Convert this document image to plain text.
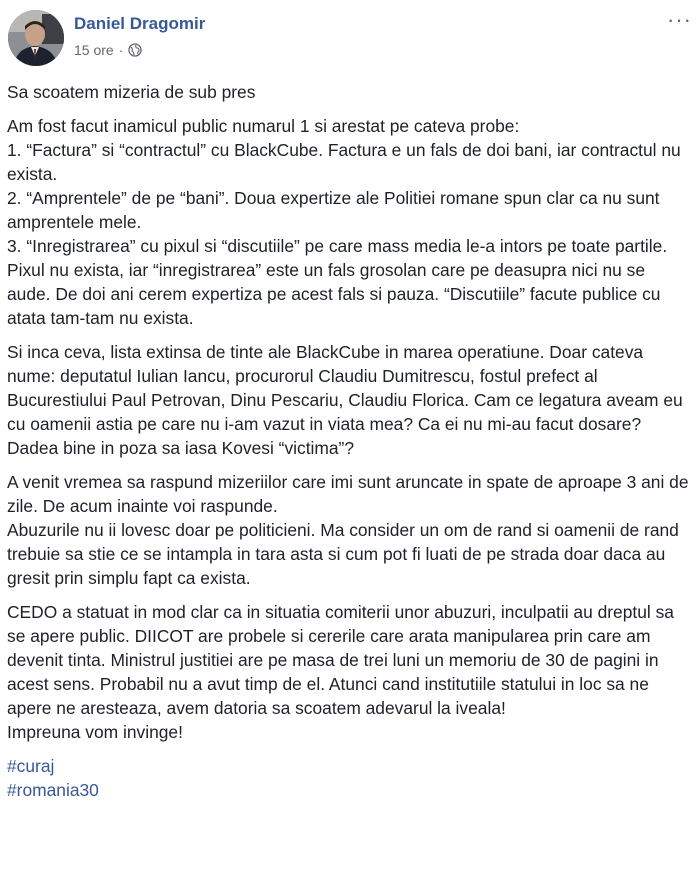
Daniel Dragomir
15 ore ·
···

Sa scoatem mizeria de sub pres

Am fost facut inamicul public numarul 1 si arestat pe cateva probe:
1. “Factura” si “contractul” cu BlackCube. Factura e un fals de doi bani, iar contractul nu exista.
2. “Amprentele” de pe “bani”. Doua expertize ale Politiei romane spun clar ca nu sunt amprentele mele.
3. “Inregistrarea” cu pixul si “discutiile” pe care mass media le-a intors pe toate partile. Pixul nu exista, iar “inregistrarea” este un fals grosolan care pe deasupra nici nu se aude. De doi ani cerem expertiza pe acest fals si pauza. “Discutiile” facute publice cu atata tam-tam nu exista.

Si inca ceva, lista extinsa de tinte ale BlackCube in marea operatiune. Doar cateva nume: deputatul Iulian Iancu, procurorul Claudiu Dumitrescu, fostul prefect al Bucurestiului Paul Petrovan, Dinu Pescariu, Claudiu Florica. Cam ce legatura aveam eu cu oamenii astia pe care nu i-am vazut in viata mea? Ca ei nu mi-au facut dosare? Dadea bine in poza sa iasa Kovesi “victima”?

A venit vremea sa raspund mizeriilor care imi sunt aruncate in spate de aproape 3 ani de zile. De acum inainte voi raspunde.
Abuzurile nu ii lovesc doar pe politicieni. Ma consider un om de rand si oamenii de rand trebuie sa stie ce se intampla in tara asta si cum pot fi luati de pe strada doar daca au gresit prin simplu fapt ca exista.

CEDO a statuat in mod clar ca in situatia comiterii unor abuzuri, inculpatii au dreptul sa se apere public. DIICOT are probele si cererile care arata manipularea prin care am devenit tinta. Ministrul justitiei are pe masa de trei luni un memoriu de 30 de pagini in acest sens. Probabil nu a avut timp de el. Atunci cand institutiile statului in loc sa ne apere ne aresteaza, avem datoria sa scoatem adevarul la iveala!
Impreuna vom invinge!

#curaj
#romania30
